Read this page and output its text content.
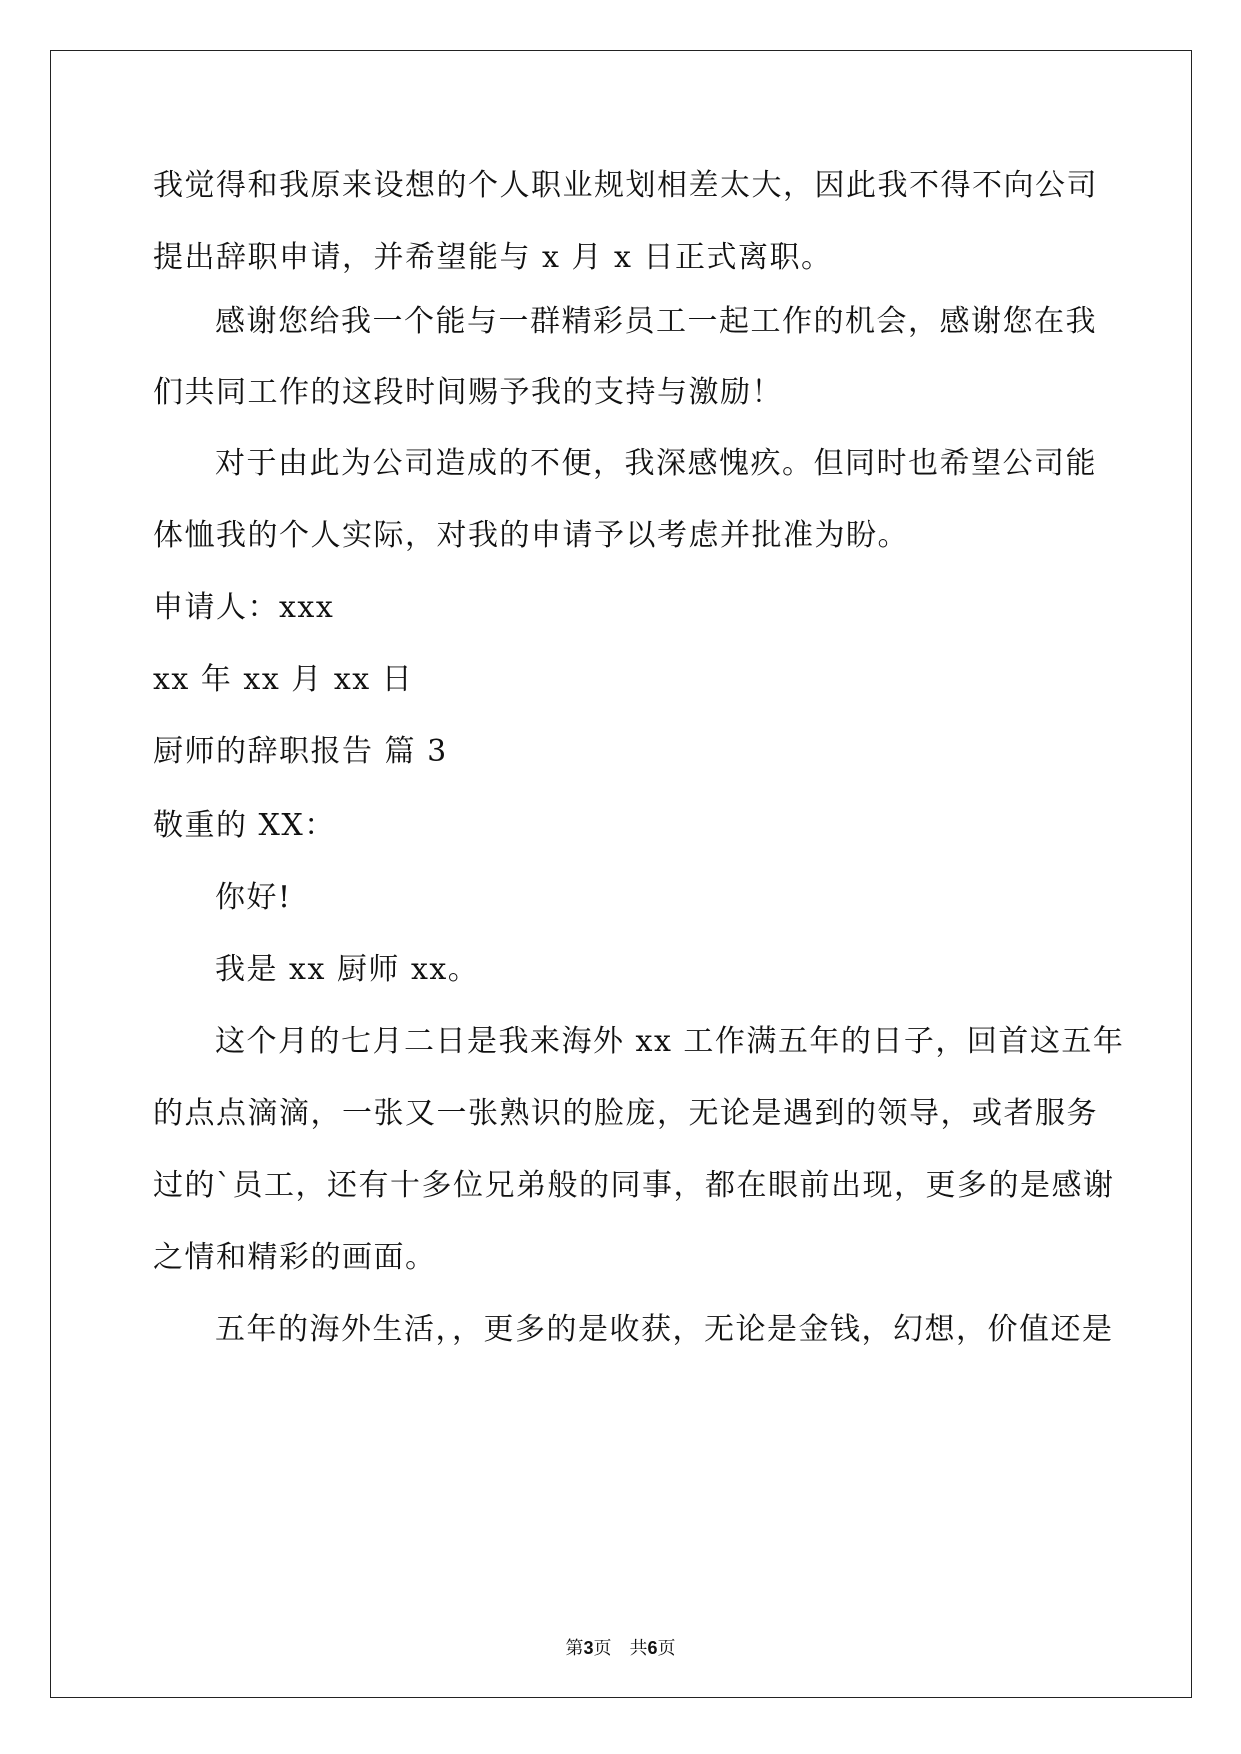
我觉得和我原来设想的个人职业规划相差太大，因此我不得不向公司
提出辞职申请，并希望能与 x 月 x 日正式离职。
感谢您给我一个能与一群精彩员工一起工作的机会，感谢您在我
们共同工作的这段时间赐予我的支持与激励！
对于由此为公司造成的不便，我深感愧疚。但同时也希望公司能
体恤我的个人实际，对我的申请予以考虑并批准为盼。
申请人：xxx
xx 年 xx 月 xx 日
厨师的辞职报告 篇 3
敬重的 XX：
你好!
我是 xx 厨师 xx。
这个月的七月二日是我来海外 xx 工作满五年的日子，回首这五年
的点点滴滴，一张又一张熟识的脸庞，无论是遇到的领导，或者服务
过的`员工，还有十多位兄弟般的同事，都在眼前出现，更多的是感谢
之情和精彩的画面。
五年的海外生活，，更多的是收获，无论是金钱，幻想，价值还是
第3页 共6页
